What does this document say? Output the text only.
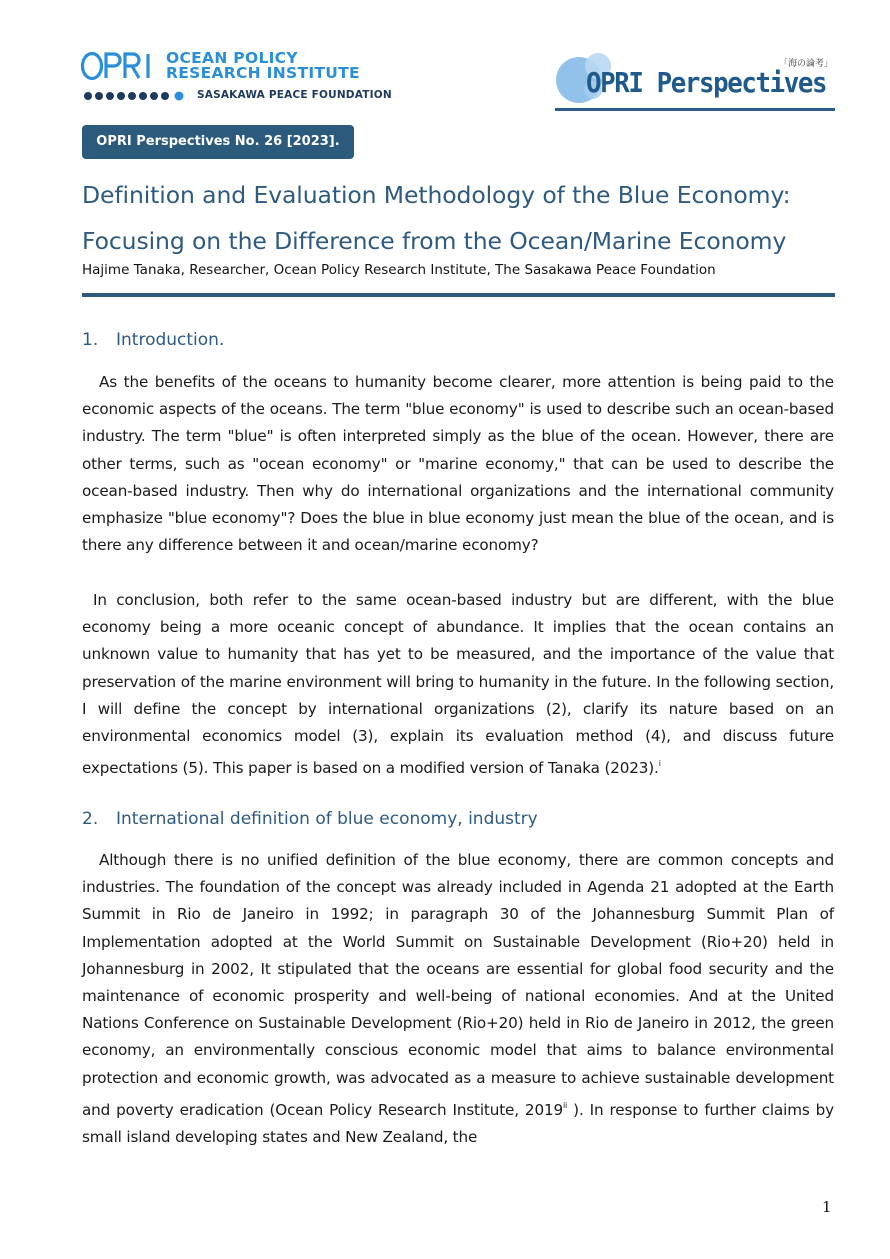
OPRI	OCEAN POLICY
RESEARCH INSTITUTE
SASAKAWA PEACE FOUNDATION
「海の論考」
OPRI Perspectives
OPRI Perspectives No. 26 [2023].
Definition and Evaluation Methodology of the Blue Economy:
Focusing on the Difference from the Ocean/Marine Economy
Hajime Tanaka, Researcher, Ocean Policy Research Institute, The Sasakawa Peace Foundation
1. Introduction.
As the benefits of the oceans to humanity become clearer, more attention is being paid to the economic aspects of the oceans. The term "blue economy" is used to describe such an ocean-based industry. The term "blue" is often interpreted simply as the blue of the ocean. However, there are other terms, such as "ocean economy" or "marine economy," that can be used to describe the ocean-based industry. Then why do international organizations and the international community emphasize "blue economy"? Does the blue in blue economy just mean the blue of the ocean, and is there any difference between it and ocean/marine economy?
In conclusion, both refer to the same ocean-based industry but are different, with the blue economy being a more oceanic concept of abundance. It implies that the ocean contains an unknown value to humanity that has yet to be measured, and the importance of the value that preservation of the marine environment will bring to humanity in the future. In the following section, I will define the concept by international organizations (2), clarify its nature based on an environmental economics model (3), explain its evaluation method (4), and discuss future expectations (5). This paper is based on a modified version of Tanaka (2023).$^i$
2. International definition of blue economy, industry
Although there is no unified definition of the blue economy, there are common concepts and industries. The foundation of the concept was already included in Agenda 21 adopted at the Earth Summit in Rio de Janeiro in 1992; in paragraph 30 of the Johannesburg Summit Plan of Implementation adopted at the World Summit on Sustainable Development (Rio+20) held in Johannesburg in 2002, It stipulated that the oceans are essential for global food security and the maintenance of economic prosperity and well-being of national economies. And at the United Nations Conference on Sustainable Development (Rio+20) held in Rio de Janeiro in 2012, the green economy, an environmentally conscious economic model that aims to balance environmental protection and economic growth, was advocated as a measure to achieve sustainable development and poverty eradication (Ocean Policy Research Institute, 2019$^{ii}$ ). In response to further claims by small island developing states and New Zealand, the
1
